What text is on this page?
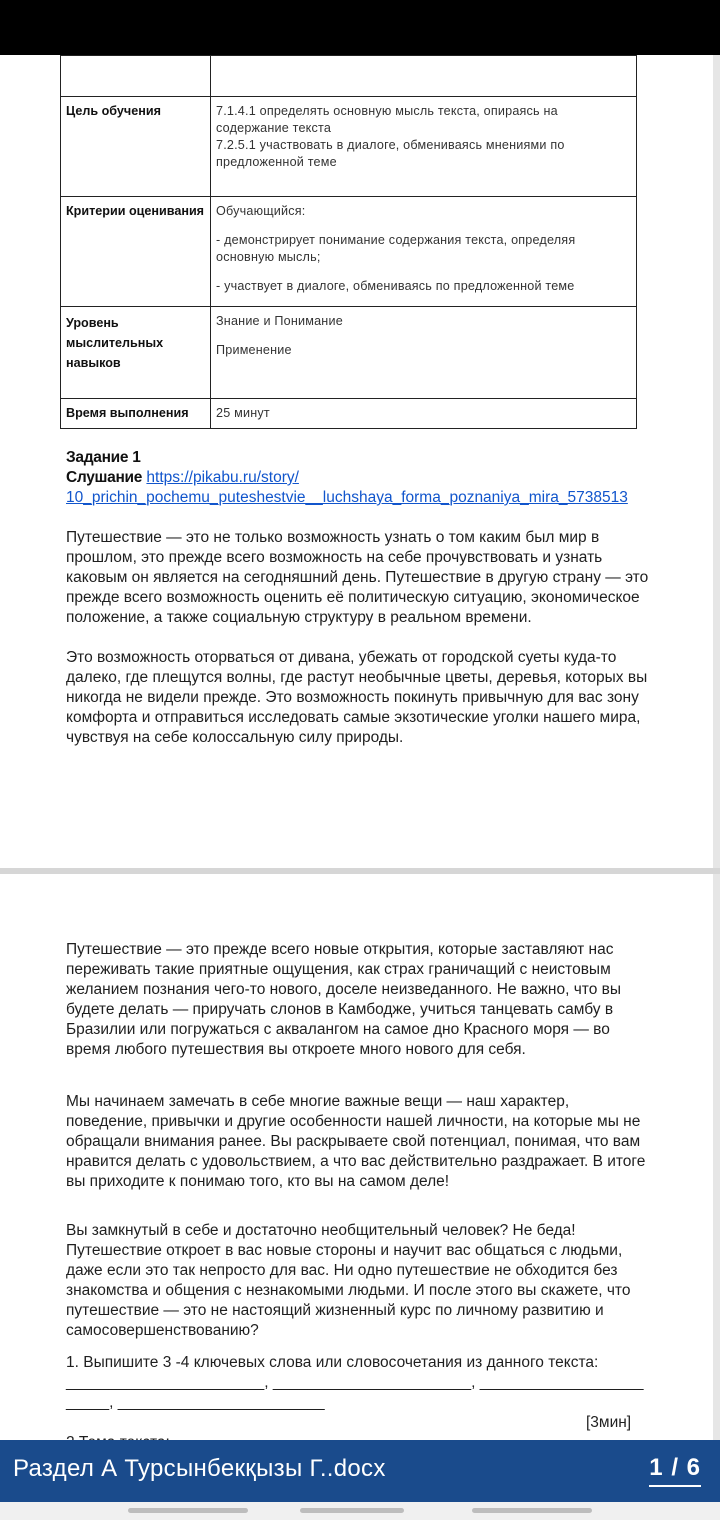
Цель обучения	7.1.4.1 определять основную мысль текста, опираясь на содержание текста

7.2.5.1 участвовать в диалоге, обмениваясь мнениями по предложенной теме

Критерии оценивания	Обучающийся:

- демонстрирует понимание содержания текста, определяя основную мысль;

- участвует в диалоге, обмениваясь по предложенной теме

Уровень мыслительных навыков	Знание и Понимание

Применение

Время выполнения	25 минут

Задание 1
Слушание https://pikabu.ru/story/ 10_prichin_pochemu_puteshestvie__luchshaya_forma_poznaniya_mira_5738513

Путешествие — это не только возможность узнать о том каким был мир в прошлом, это прежде всего возможность на себе прочувствовать и узнать каковым он является на сегодняшний день. Путешествие в другую страну — это прежде всего возможность оценить её политическую ситуацию, экономическое положение, а также социальную структуру в реальном времени.

Это возможность оторваться от дивана, убежать от городской суеты куда-то далеко, где плещутся волны, где растут необычные цветы, деревья, которых вы никогда не видели прежде. Это возможность покинуть привычную для вас зону комфорта и отправиться исследовать самые экзотические уголки нашего мира, чувствуя на себе колоссальную силу природы.

Путешествие — это прежде всего новые открытия, которые заставляют нас переживать такие приятные ощущения, как страх граничащий с неистовым желанием познания чего-то нового, доселе неизведанного. Не важно, что вы будете делать — приручать слонов в Камбодже, учиться танцевать самбу в Бразилии или погружаться с аквалангом на самое дно Красного моря — во время любого путешествия вы откроете много нового для себя.

Мы начинаем замечать в себе многие важные вещи — наш характер, поведение, привычки и другие особенности нашей личности, на которые мы не обращали внимания ранее. Вы раскрываете свой потенциал, понимая, что вам нравится делать с удовольствием, а что вас действительно раздражает. В итоге вы приходите к понимаю того, кто вы на самом деле!

Вы замкнутый в себе и достаточно необщительный человек? Не беда! Путешествие откроет в вас новые стороны и научит вас общаться с людьми, даже если это так непросто для вас. Ни одно путешествие не обходится без знакомства и общения с незнакомыми людьми. И после этого вы скажете, что путешествие — это не настоящий жизненный курс по личному развитию и самосовершенствованию?

1. Выпишите 3 -4 ключевых слова или словосочетания из данного текста:

_______________________, _______________________, ________________________, ________________________

[3мин]

Раздел А Турсынбекқызы Г..docx	1 / 6
